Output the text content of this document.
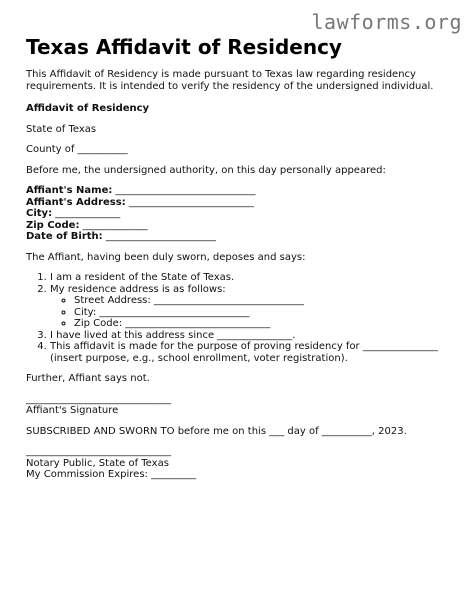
lawforms.org
Texas Affidavit of Residency

This Affidavit of Residency is made pursuant to Texas law regarding residency requirements. It is intended to verify the residency of the undersigned individual.

Affidavit of Residency

State of Texas

County of __________

Before me, the undersigned authority, on this day personally appeared:

Affiant's Name: ____________________________
Affiant's Address: _________________________
City: _____________
Zip Code: _____________
Date of Birth: ______________________

The Affiant, having been duly sworn, deposes and says:

1. I am a resident of the State of Texas.
2. My residence address is as follows:
◦ Street Address: ______________________________
◦ City: ______________________________
◦ Zip Code: _____________________________
3. I have lived at this address since _______________.
4. This affidavit is made for the purpose of proving residency for _______________ (insert purpose, e.g., school enrollment, voter registration).

Further, Affiant says not.

_____________________________

Affiant's Signature

SUBSCRIBED AND SWORN TO before me on this ___ day of __________, 2023.

_____________________________

Notary Public, State of Texas

My Commission Expires: _________
